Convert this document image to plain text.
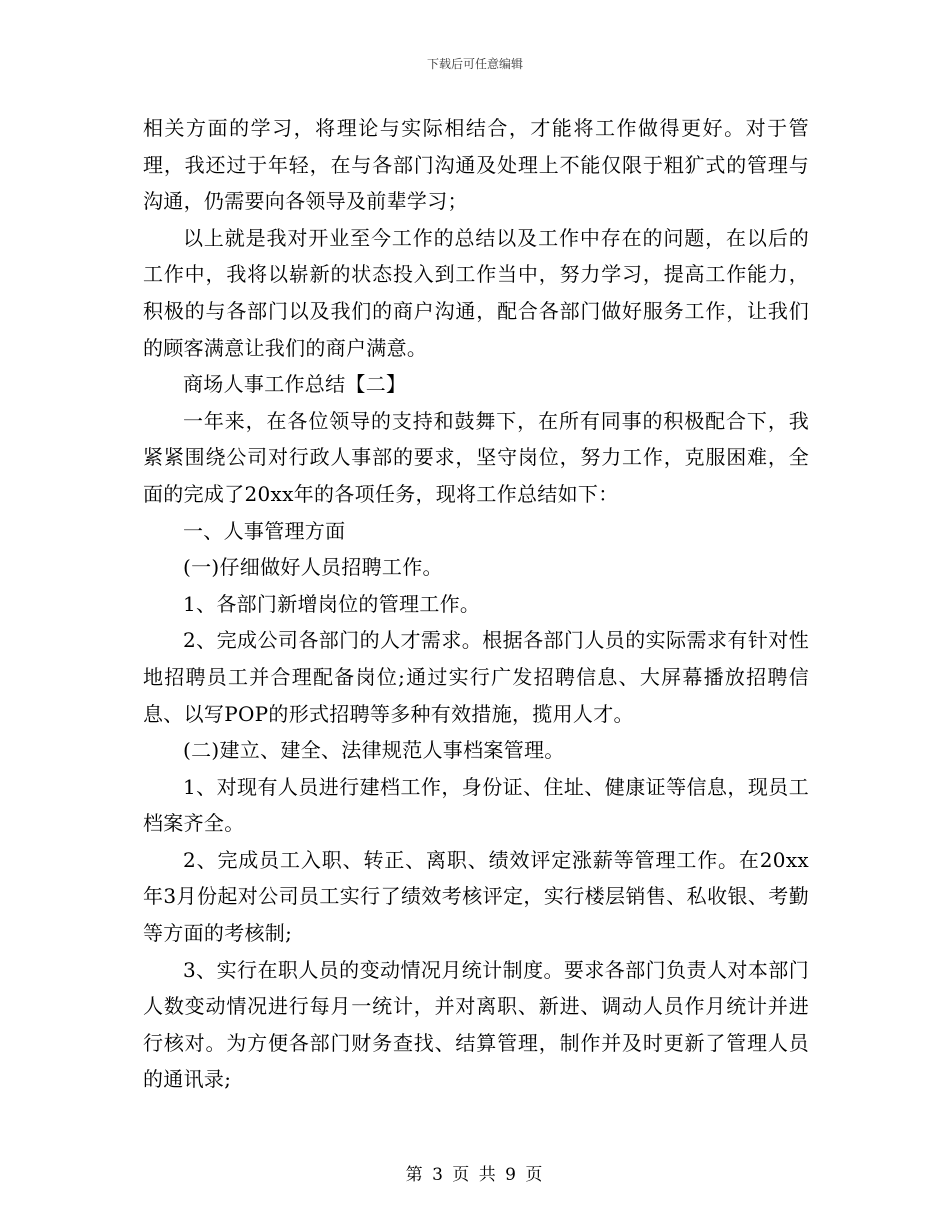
下载后可任意编辑

相关方面的学习，将理论与实际相结合，才能将工作做得更好。对于管理，我还过于年轻，在与各部门沟通及处理上不能仅限于粗犷式的管理与沟通，仍需要向各领导及前辈学习；

以上就是我对开业至今工作的总结以及工作中存在的问题，在以后的工作中，我将以崭新的状态投入到工作当中，努力学习，提高工作能力，积极的与各部门以及我们的商户沟通，配合各部门做好服务工作，让我们的顾客满意让我们的商户满意。

商场人事工作总结【二】

一年来，在各位领导的支持和鼓舞下，在所有同事的积极配合下，我紧紧围绕公司对行政人事部的要求，坚守岗位，努力工作，克服困难，全面的完成了20xx年的各项任务，现将工作总结如下：

一、人事管理方面

(一)仔细做好人员招聘工作。

1、各部门新增岗位的管理工作。

2、完成公司各部门的人才需求。根据各部门人员的实际需求有针对性地招聘员工并合理配备岗位;通过实行广发招聘信息、大屏幕播放招聘信息、以写POP的形式招聘等多种有效措施，揽用人才。

(二)建立、建全、法律规范人事档案管理。

1、对现有人员进行建档工作，身份证、住址、健康证等信息，现员工档案齐全。

2、完成员工入职、转正、离职、绩效评定涨薪等管理工作。在20xx年3月份起对公司员工实行了绩效考核评定，实行楼层销售、私收银、考勤等方面的考核制;

3、实行在职人员的变动情况月统计制度。要求各部门负责人对本部门人数变动情况进行每月一统计，并对离职、新进、调动人员作月统计并进行核对。为方便各部门财务查找、结算管理，制作并及时更新了管理人员的通讯录;

第 3 页 共 9 页
